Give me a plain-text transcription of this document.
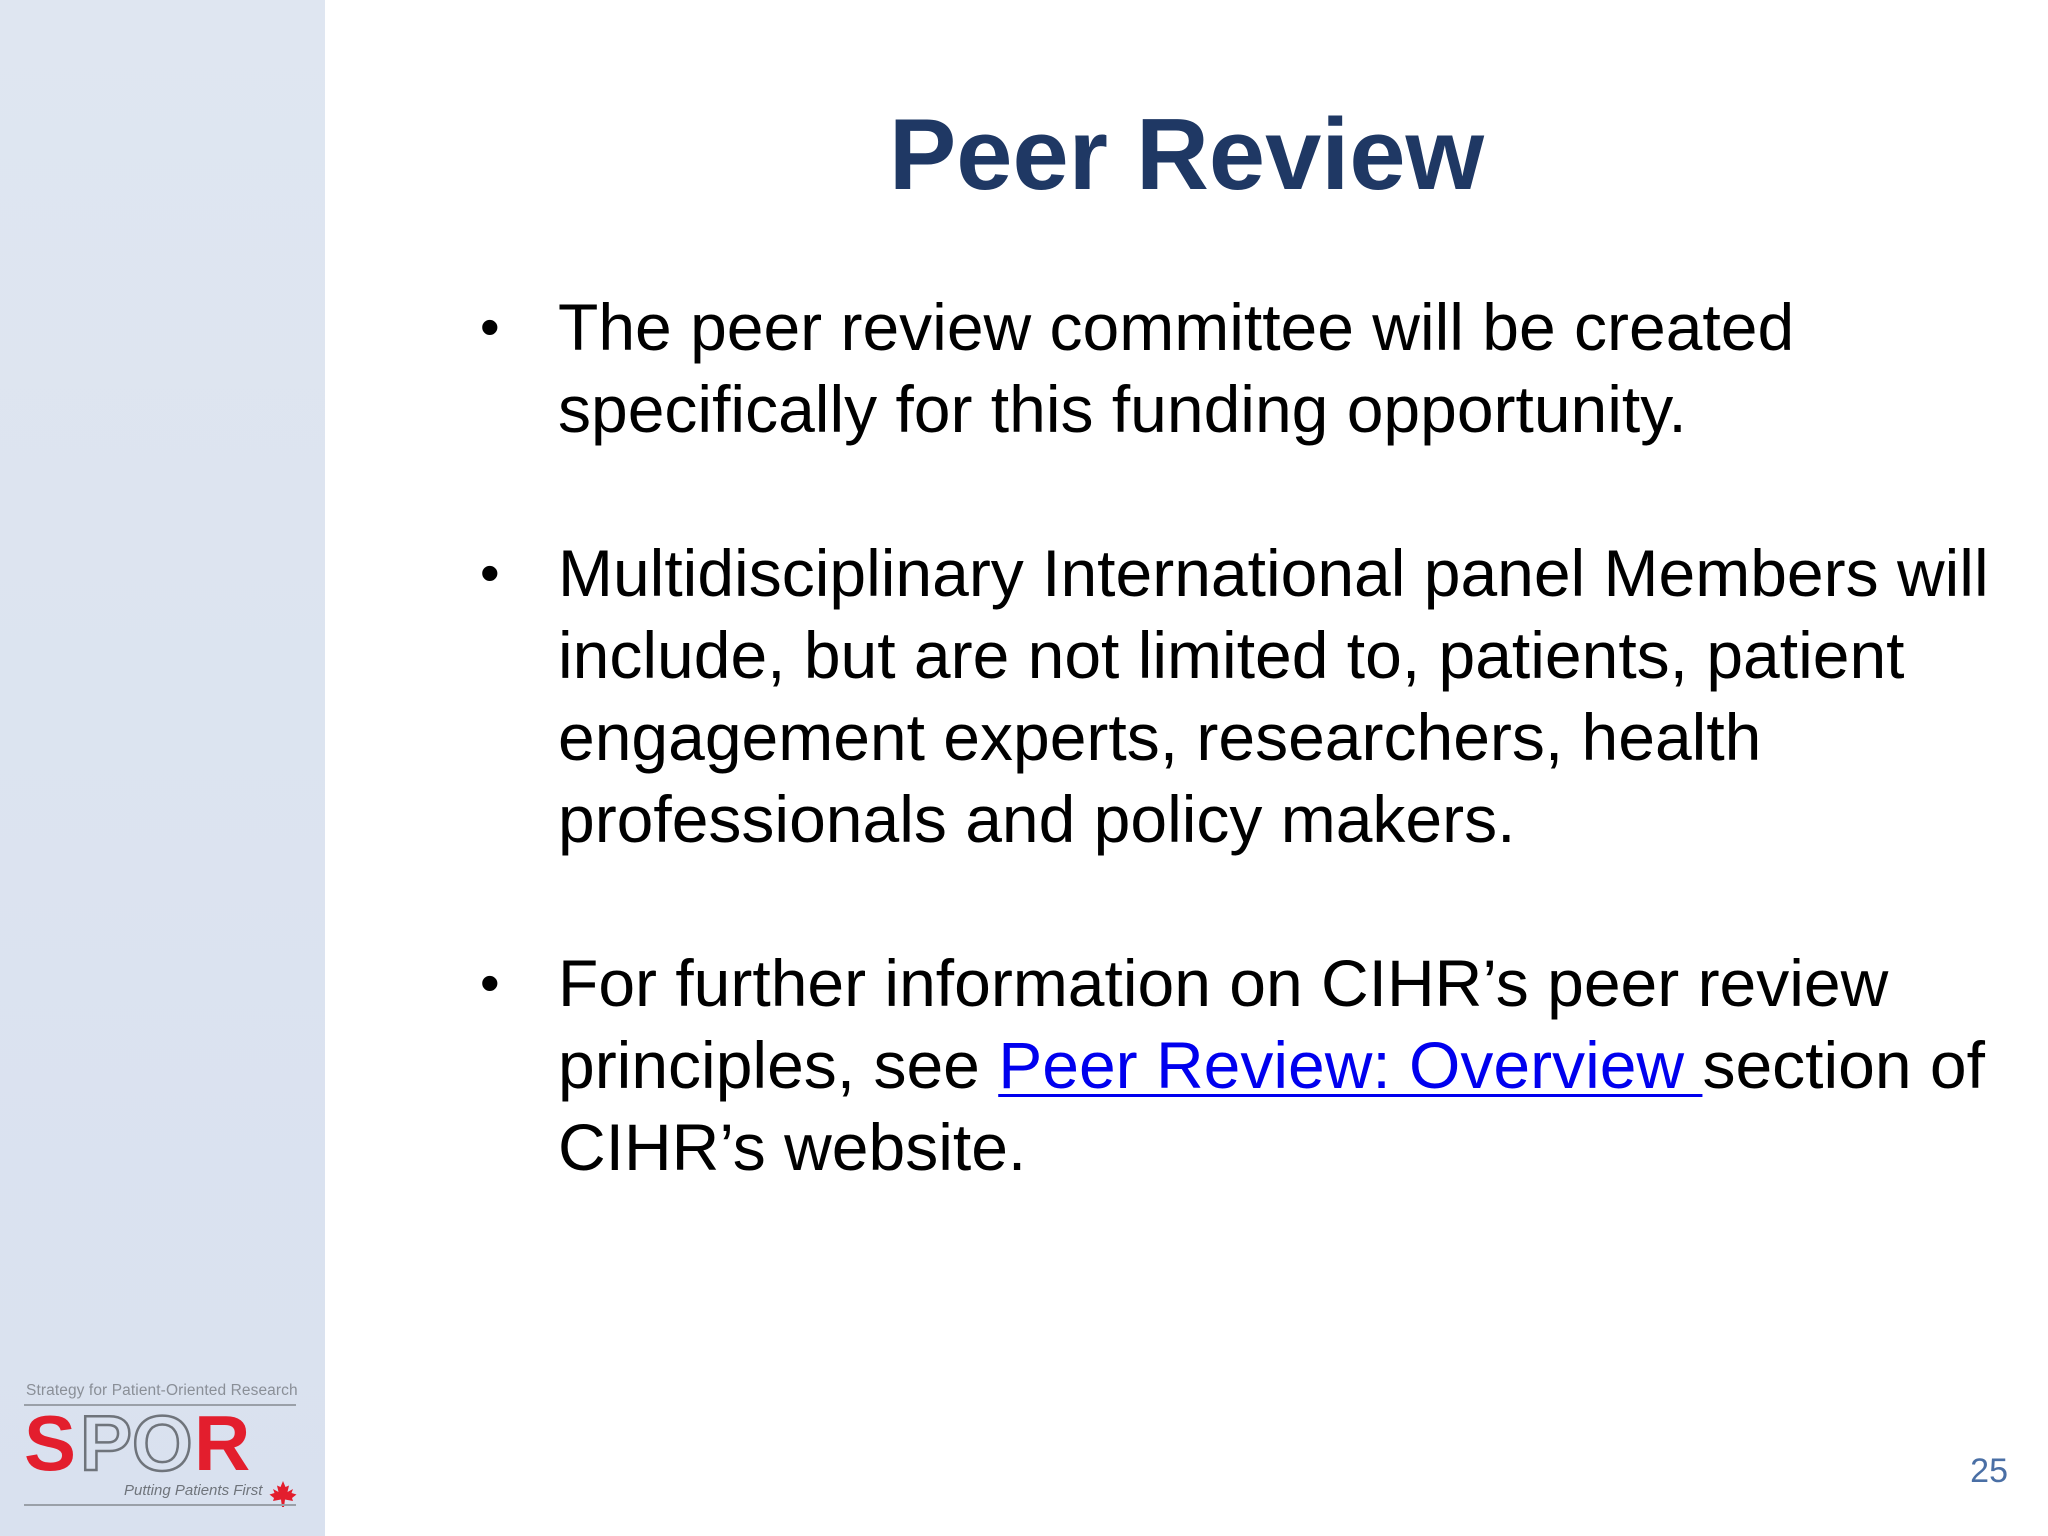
Strategy for Patient-Oriented Research
S P O R
Putting Patients First
Peer Review
• The peer review committee will be created specifically for this funding opportunity.
• Multidisciplinary International panel Members will include, but are not limited to, patients, patient engagement experts, researchers, health professionals and policy makers.
• For further information on CIHR’s peer review principles, see Peer Review: Overview section of CIHR’s website.
25
